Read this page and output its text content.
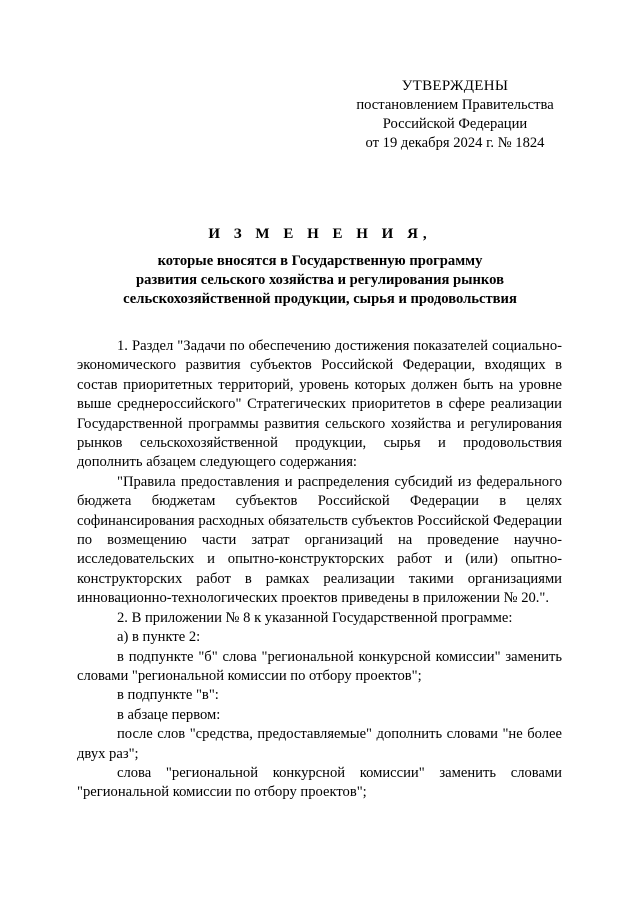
УТВЕРЖДЕНЫ
постановлением Правительства
Российской Федерации
от 19 декабря 2024 г. № 1824
И З М Е Н Е Н И Я,
которые вносятся в Государственную программу
развития сельского хозяйства и регулирования рынков
сельскохозяйственной продукции, сырья и продовольствия

1. Раздел "Задачи по обеспечению достижения показателей социально-экономического развития субъектов Российской Федерации, входящих в состав приоритетных территорий, уровень которых должен быть на уровне выше среднероссийского" Стратегических приоритетов в сфере реализации Государственной программы развития сельского хозяйства и регулирования рынков сельскохозяйственной продукции, сырья и продовольствия дополнить абзацем следующего содержания:

"Правила предоставления и распределения субсидий из федерального бюджета бюджетам субъектов Российской Федерации в целях софинансирования расходных обязательств субъектов Российской Федерации по возмещению части затрат организаций на проведение научно-исследовательских и опытно-конструкторских работ и (или) опытно-конструкторских работ в рамках реализации такими организациями инновационно-технологических проектов приведены в приложении № 20.".

2. В приложении № 8 к указанной Государственной программе:

а) в пункте 2:

в подпункте "б" слова "региональной конкурсной комиссии" заменить словами "региональной комиссии по отбору проектов";

в подпункте "в":

в абзаце первом:

после слов "средства, предоставляемые" дополнить словами "не более двух раз";

слова "региональной конкурсной комиссии" заменить словами "региональной комиссии по отбору проектов";
